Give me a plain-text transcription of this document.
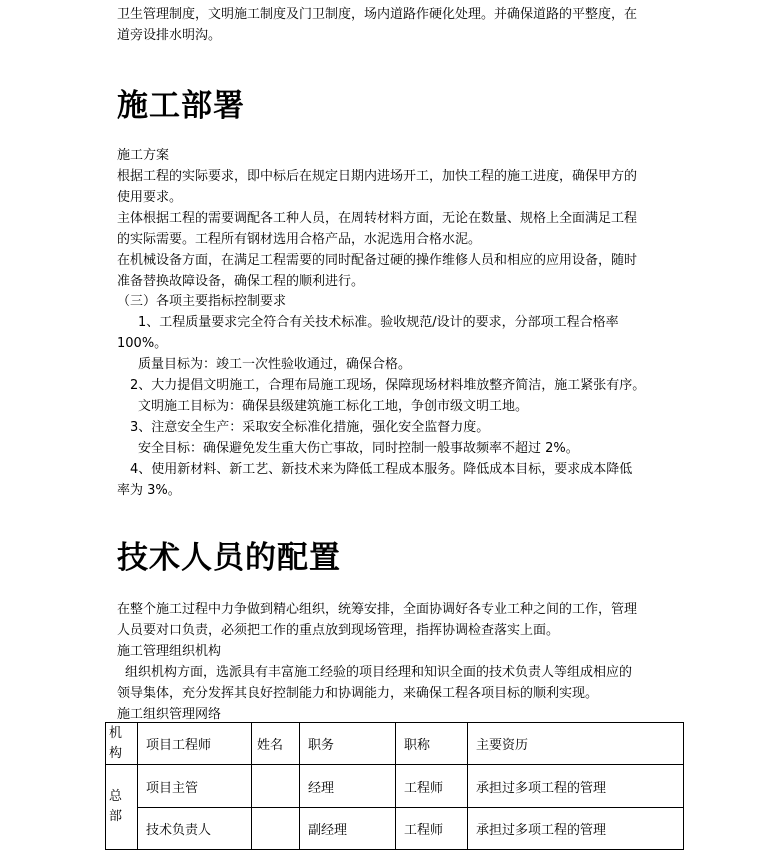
卫生管理制度，文明施工制度及门卫制度，场内道路作硬化处理。并确保道路的平整度，在
道旁设排水明沟。
施工部署
施工方案
根据工程的实际要求，即中标后在规定日期内进场开工，加快工程的施工进度，确保甲方的
使用要求。
主体根据工程的需要调配各工种人员，在周转材料方面，无论在数量、规格上全面满足工程
的实际需要。工程所有钢材选用合格产品，水泥选用合格水泥。
在机械设备方面，在满足工程需要的同时配备过硬的操作维修人员和相应的应用设备，随时
准备替换故障设备，确保工程的顺利进行。
（三）各项主要指标控制要求
1、工程质量要求完全符合有关技术标准。验收规范/设计的要求，分部项工程合格率
100%。
质量目标为：竣工一次性验收通过，确保合格。
2、大力提倡文明施工，合理布局施工现场，保障现场材料堆放整齐简洁，施工紧张有序。
文明施工目标为：确保县级建筑施工标化工地，争创市级文明工地。
3、注意安全生产：采取安全标准化措施，强化安全监督力度。
安全目标：确保避免发生重大伤亡事故，同时控制一般事故频率不超过 2%。
4、使用新材料、新工艺、新技术来为降低工程成本服务。降低成本目标，要求成本降低
率为 3%。
技术人员的配置
在整个施工过程中力争做到精心组织，统筹安排，全面协调好各专业工种之间的工作，管理
人员要对口负责，必须把工作的重点放到现场管理，指挥协调检查落实上面。
施工管理组织机构
组织机构方面，选派具有丰富施工经验的项目经理和知识全面的技术负责人等组成相应的
领导集体，充分发挥其良好控制能力和协调能力，来确保工程各项目标的顺利实现。
施工组织管理网络
机
构	项目工程师	姓名	职务	职称	主要资历

总
部	项目主管		经理	工程师	承担过多项工程的管理
	技术负责人		副经理	工程师	承担过多项工程的管理
